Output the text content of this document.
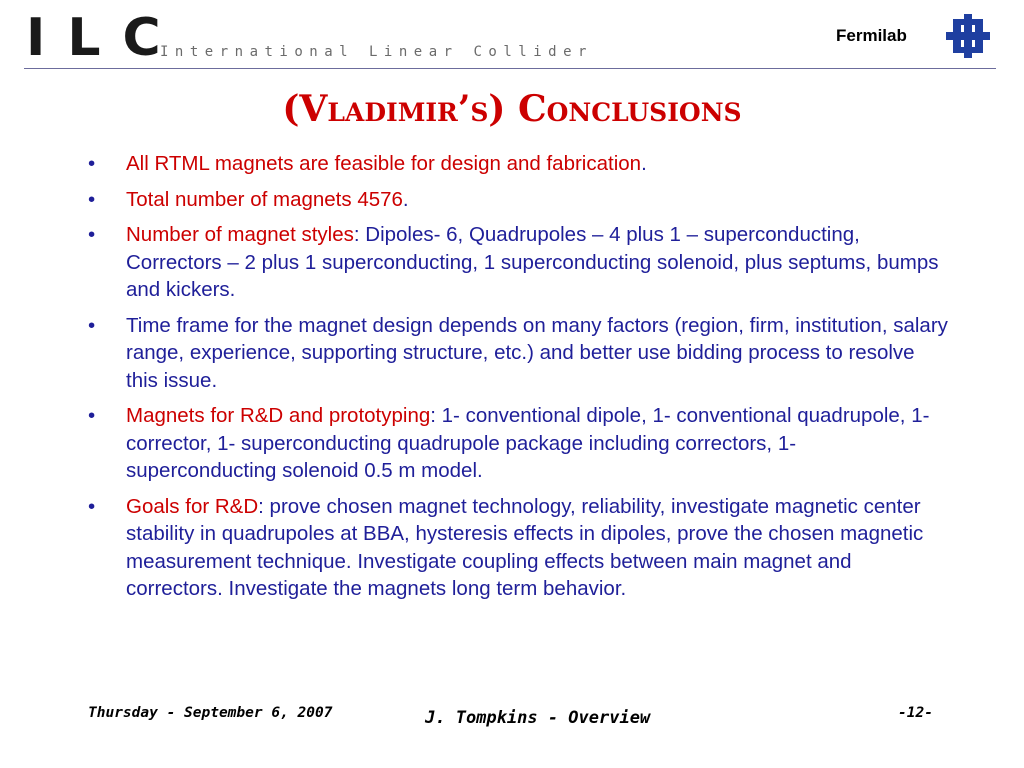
ILC
International Linear Collider
Fermilab
(Vladimir’s) Conclusions
• All RTML magnets are feasible for design and fabrication.
• Total number of magnets 4576.
• Number of magnet styles: Dipoles- 6, Quadrupoles – 4 plus 1 – superconducting, Correctors – 2 plus 1 superconducting, 1 superconducting solenoid, plus septums, bumps and kickers.
• Time frame for the magnet design depends on many factors (region, firm, institution, salary range, experience, supporting structure, etc.) and better use bidding process to resolve this issue.
• Magnets for R&D and prototyping: 1- conventional dipole, 1- conventional quadrupole, 1- corrector, 1- superconducting quadrupole package including correctors, 1- superconducting solenoid 0.5 m model.
• Goals for R&D: prove chosen magnet technology, reliability, investigate magnetic center stability in quadrupoles at BBA, hysteresis effects in dipoles, prove the chosen magnetic measurement technique. Investigate coupling effects between main magnet and correctors. Investigate the magnets long term behavior.
Thursday - September 6, 2007	J. Tompkins - Overview	-12-
